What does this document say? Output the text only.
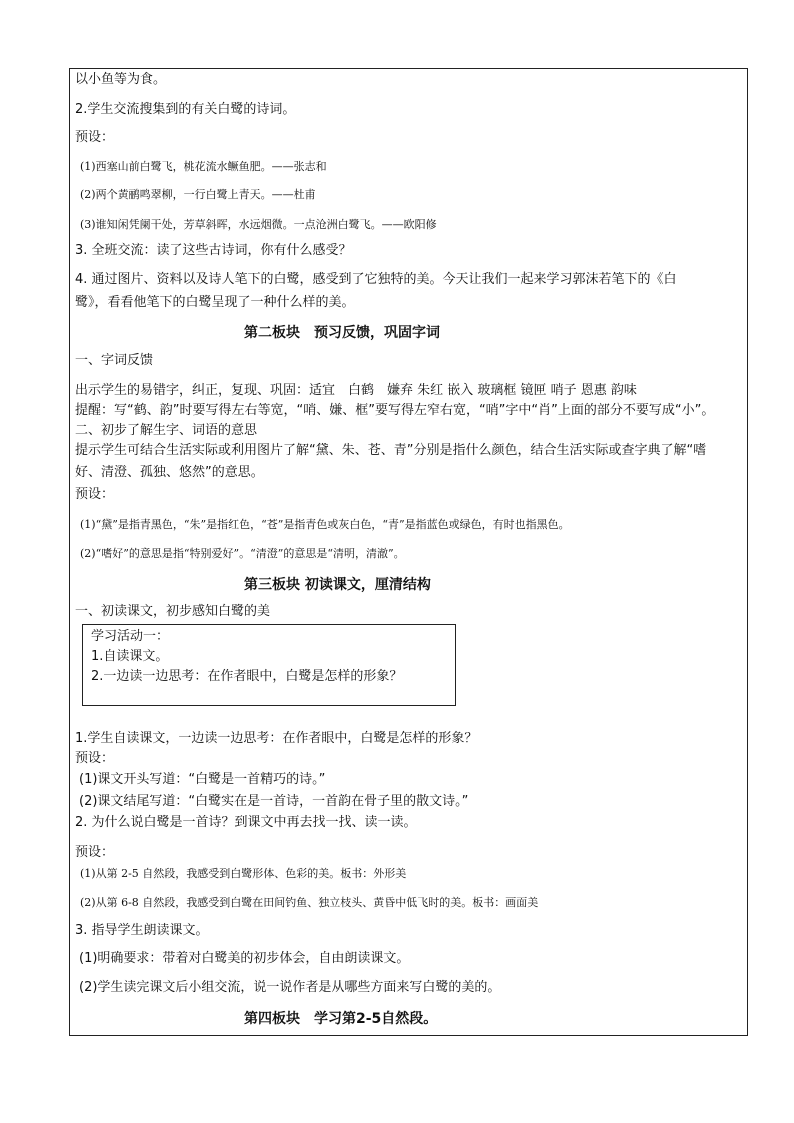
以小鱼等为食。
2.学生交流搜集到的有关白鹭的诗词。
预设：
(1)西塞山前白鹭飞，桃花流水鳜鱼肥。——张志和
(2)两个黄鹂鸣翠柳，一行白鹭上青天。——杜甫
(3)谁知闲凭阑干处，芳草斜晖，水远烟微。一点沧洲白鹭飞。——欧阳修
3. 全班交流：读了这些古诗词，你有什么感受？
4. 通过图片、资料以及诗人笔下的白鹭，感受到了它独特的美。今天让我们一起来学习郭沫若笔下的《白
鹭》，看看他笔下的白鹭呈现了一种什么样的美。
第二板块　预习反馈，巩固字词
一、字词反馈
出示学生的易错字，纠正，复现、巩固：适宜　白鹤　嫌弃 朱红 嵌入 玻璃框 镜匣 哨子 恩惠 韵味
提醒：写“鹤、韵”时要写得左右等宽，“哨、嫌、框”要写得左窄右宽，“哨”字中“肖”上面的部分不要写成“小”。
二、初步了解生字、词语的意思
提示学生可结合生活实际或利用图片了解“黛、朱、苍、青”分别是指什么颜色，结合生活实际或查字典了解“嗜
好、清澄、孤独、悠然”的意思。
预设：
(1)“黛”是指青黑色，“朱”是指红色，“苍”是指青色或灰白色，“青”是指蓝色或绿色，有时也指黑色。
(2)“嗜好”的意思是指“特别爱好”。“清澄”的意思是“清明，清澈”。
第三板块 初读课文，厘清结构
一、初读课文，初步感知白鹭的美
学习活动一：
1.自读课文。
2.一边读一边思考：在作者眼中，白鹭是怎样的形象？
1.学生自读课文，一边读一边思考：在作者眼中，白鹭是怎样的形象？
预设：
(1)课文开头写道：“白鹭是一首精巧的诗。”
(2)课文结尾写道：“白鹭实在是一首诗，一首韵在骨子里的散文诗。”
2. 为什么说白鹭是一首诗？到课文中再去找一找、读一读。
预设：
(1)从第 2-5 自然段，我感受到白鹭形体、色彩的美。板书：外形美
(2)从第 6-8 自然段，我感受到白鹭在田间钓鱼、独立枝头、黄昏中低飞时的美。板书：画面美
3. 指导学生朗读课文。
(1)明确要求：带着对白鹭美的初步体会，自由朗读课文。
(2)学生读完课文后小组交流，说一说作者是从哪些方面来写白鹭的美的。
第四板块　学习第2-5自然段。
